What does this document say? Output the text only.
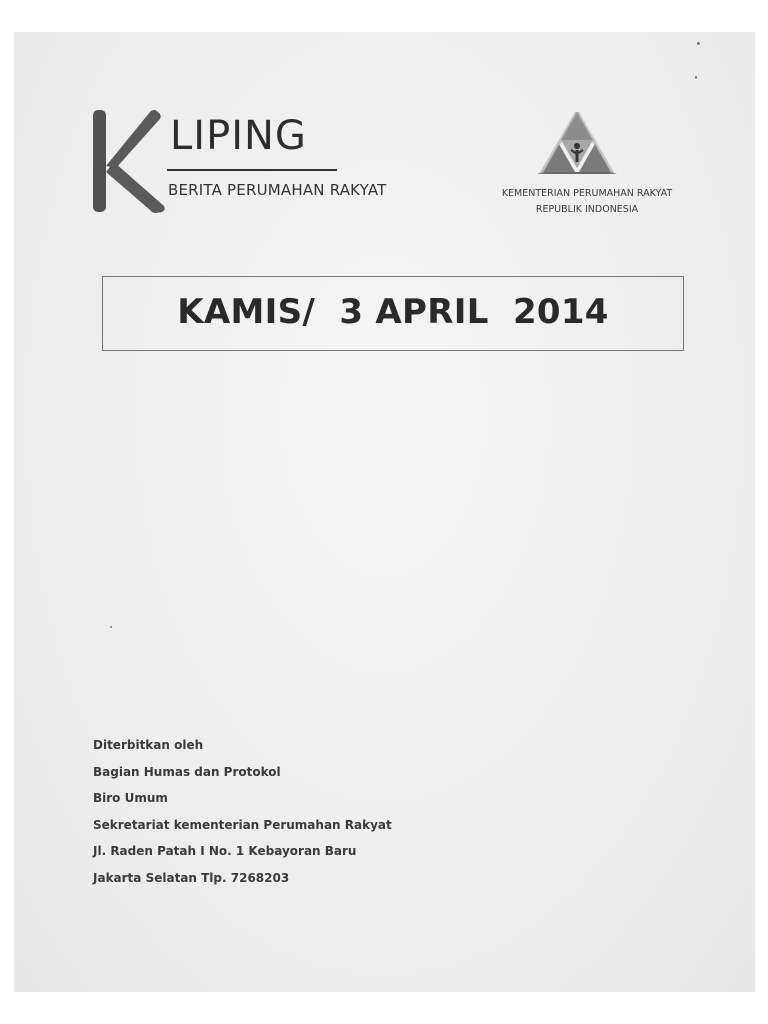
LIPING
BERITA PERUMAHAN RAKYAT	KEMENTERIAN PERUMAHAN RAKYAT
REPUBLIK INDONESIA
KAMIS/  3 APRIL  2014
Diterbitkan oleh
Bagian Humas dan Protokol
Biro Umum
Sekretariat kementerian Perumahan Rakyat
Jl. Raden Patah I No. 1 Kebayoran Baru
Jakarta Selatan Tlp. 7268203
